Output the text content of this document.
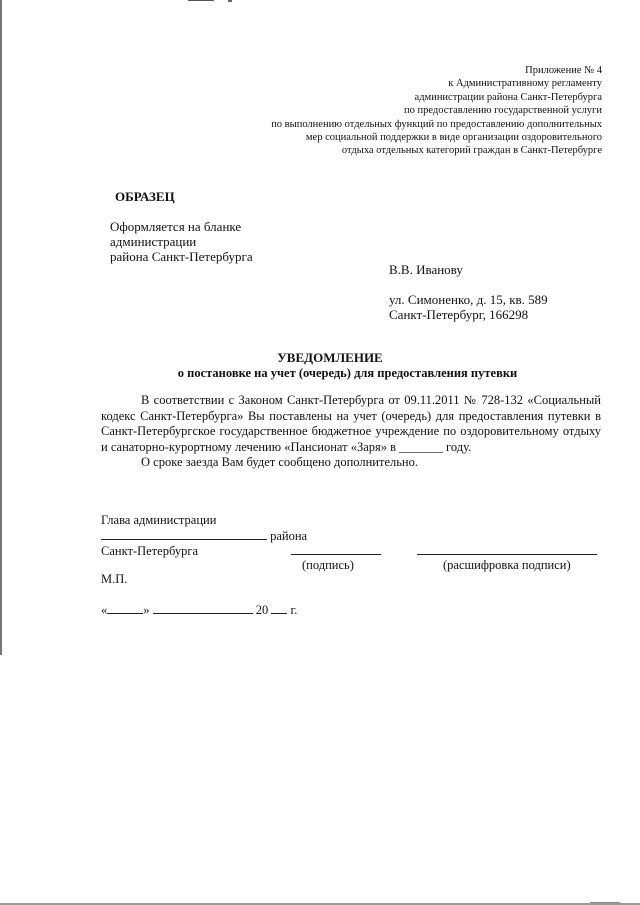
Приложение № 4
к Административному регламенту
администрации района Санкт-Петербурга
по предоставлению государственной услуги
по выполнению отдельных функций по предоставлению дополнительных
мер социальной поддержки в виде организации оздоровительного
отдыха отдельных категорий граждан в Санкт-Петербурге
ОБРАЗЕЦ
Оформляется на бланке
администрации
района Санкт-Петербурга
В.В. Иванову
ул. Симоненко, д. 15, кв. 589
Санкт-Петербург, 166298
УВЕДОМЛЕНИЕ
о постановке на учет (очередь) для предоставления путевки

В соответствии с Законом Санкт-Петербурга от 09.11.2011 № 728-132 «Социальный кодекс Санкт-Петербурга» Вы поставлены на учет (очередь) для предоставления путевки в Санкт-Петербургское государственное бюджетное учреждение по оздоровительному отдыху и санаторно-курортному лечению «Пансионат «Заря» в _______ году.

О сроке заезда Вам будет сообщено дополнительно.

Глава администрации
района
Санкт-Петербурга
(подпись)	(расшифровка подписи)
М.П.
«	»	20 г.
